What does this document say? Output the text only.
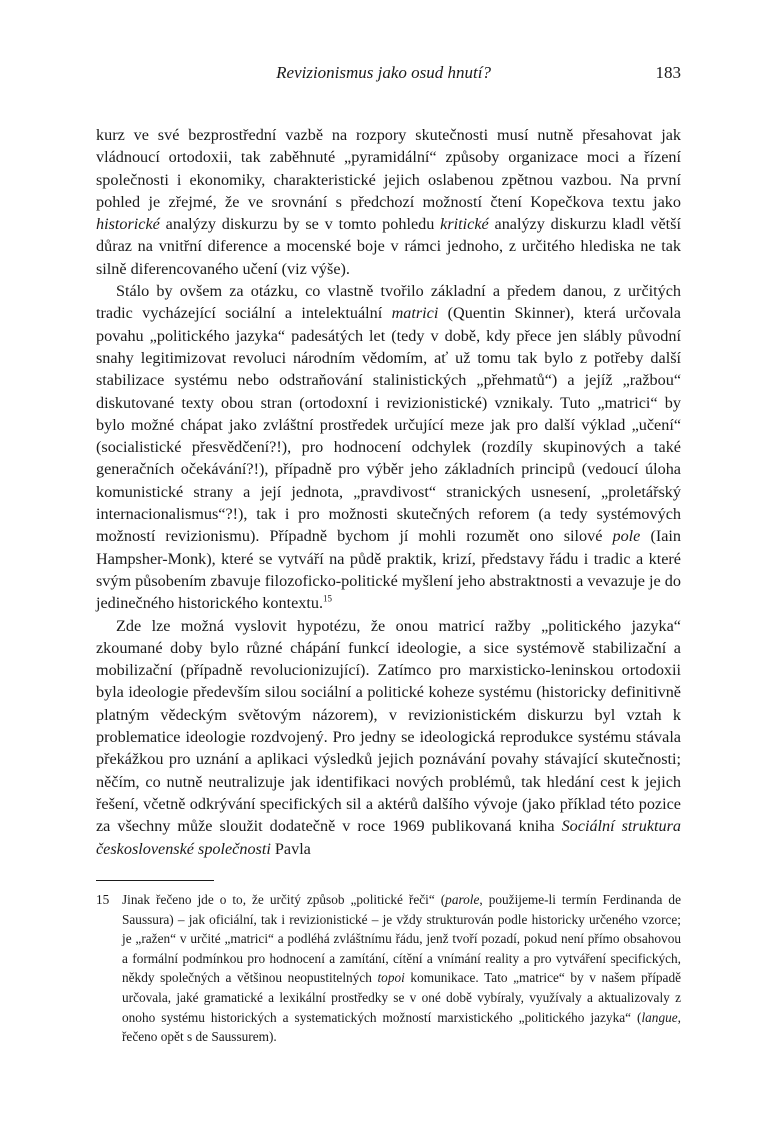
Revizionismus jako osud hnutí?	183

kurz ve své bezprostřední vazbě na rozpory skutečnosti musí nutně přesahovat jak vládnoucí ortodoxii, tak zaběhnuté „pyramidální“ způsoby organizace moci a řízení společnosti i ekonomiky, charakteristické jejich oslabenou zpětnou vazbou. Na první pohled je zřejmé, že ve srovnání s předchozí možností čtení Kopečkova textu jako historické analýzy diskurzu by se v tomto pohledu kritické analýzy diskurzu kladl větší důraz na vnitřní diference a mocenské boje v rámci jednoho, z určitého hlediska ne tak silně diferencovaného učení (viz výše).

Stálo by ovšem za otázku, co vlastně tvořilo základní a předem danou, z určitých tradic vycházející sociální a intelektuální matrici (Quentin Skinner), která určovala povahu „politického jazyka“ padesátých let (tedy v době, kdy přece jen slábly původní snahy legitimizovat revoluci národním vědomím, ať už tomu tak bylo z potřeby další stabilizace systému nebo odstraňování stalinistických „přehmatů“) a jejíž „ražbou“ diskutované texty obou stran (ortodoxní i revizionistické) vznikaly. Tuto „matrici“ by bylo možné chápat jako zvláštní prostředek určující meze jak pro další výklad „učení“ (socialistické přesvědčení?!), pro hodnocení odchylek (rozdíly skupinových a také generačních očekávání?!), případně pro výběr jeho základních principů (vedoucí úloha komunistické strany a její jednota, „pravdivost“ stranických usnesení, „proletářský internacionalismus“?!), tak i pro možnosti skutečných reforem (a tedy systémových možností revizionismu). Případně bychom jí mohli rozumět ono silové pole (Iain Hampsher-Monk), které se vytváří na půdě praktik, krizí, představy řádu i tradic a které svým působením zbavuje filozoficko-politické myšlení jeho abstraktnosti a vevazuje je do jedinečného historického kontextu.$^{15}$

Zde lze možná vyslovit hypotézu, že onou matricí ražby „politického jazyka“ zkoumané doby bylo různé chápání funkcí ideologie, a sice systémově stabilizační a mobilizační (případně revolucionizující). Zatímco pro marxisticko-leninskou ortodoxii byla ideologie především silou sociální a politické koheze systému (historicky definitivně platným vědeckým světovým názorem), v revizionistickém diskurzu byl vztah k problematice ideologie rozdvojený. Pro jedny se ideologická reprodukce systému stávala překážkou pro uznání a aplikaci výsledků jejich poznávání povahy stávající skutečnosti; něčím, co nutně neutralizuje jak identifikaci nových problémů, tak hledání cest k jejich řešení, včetně odkrývání specifických sil a aktérů dalšího vývoje (jako příklad této pozice za všechny může sloužit dodatečně v roce 1969 publikovaná kniha Sociální struktura československé společnosti Pavla

15 Jinak řečeno jde o to, že určitý způsob „politické řeči“ (parole, použijeme-li termín Ferdinanda de Saussura) – jak oficiální, tak i revizionistické – je vždy strukturován podle historicky určeného vzorce; je „ražen“ v určité „matrici“ a podléhá zvláštnímu řádu, jenž tvoří pozadí, pokud není přímo obsahovou a formální podmínkou pro hodnocení a zamítání, cítění a vnímání reality a pro vytváření specifických, někdy společných a většinou neopustitelných topoi komunikace. Tato „matrice“ by v našem případě určovala, jaké gramatické a lexikální prostředky se v oné době vybíraly, využívaly a aktualizovaly z onoho systému historických a systematických možností marxistického „politického jazyka“ (langue, řečeno opět s de Saussurem).
